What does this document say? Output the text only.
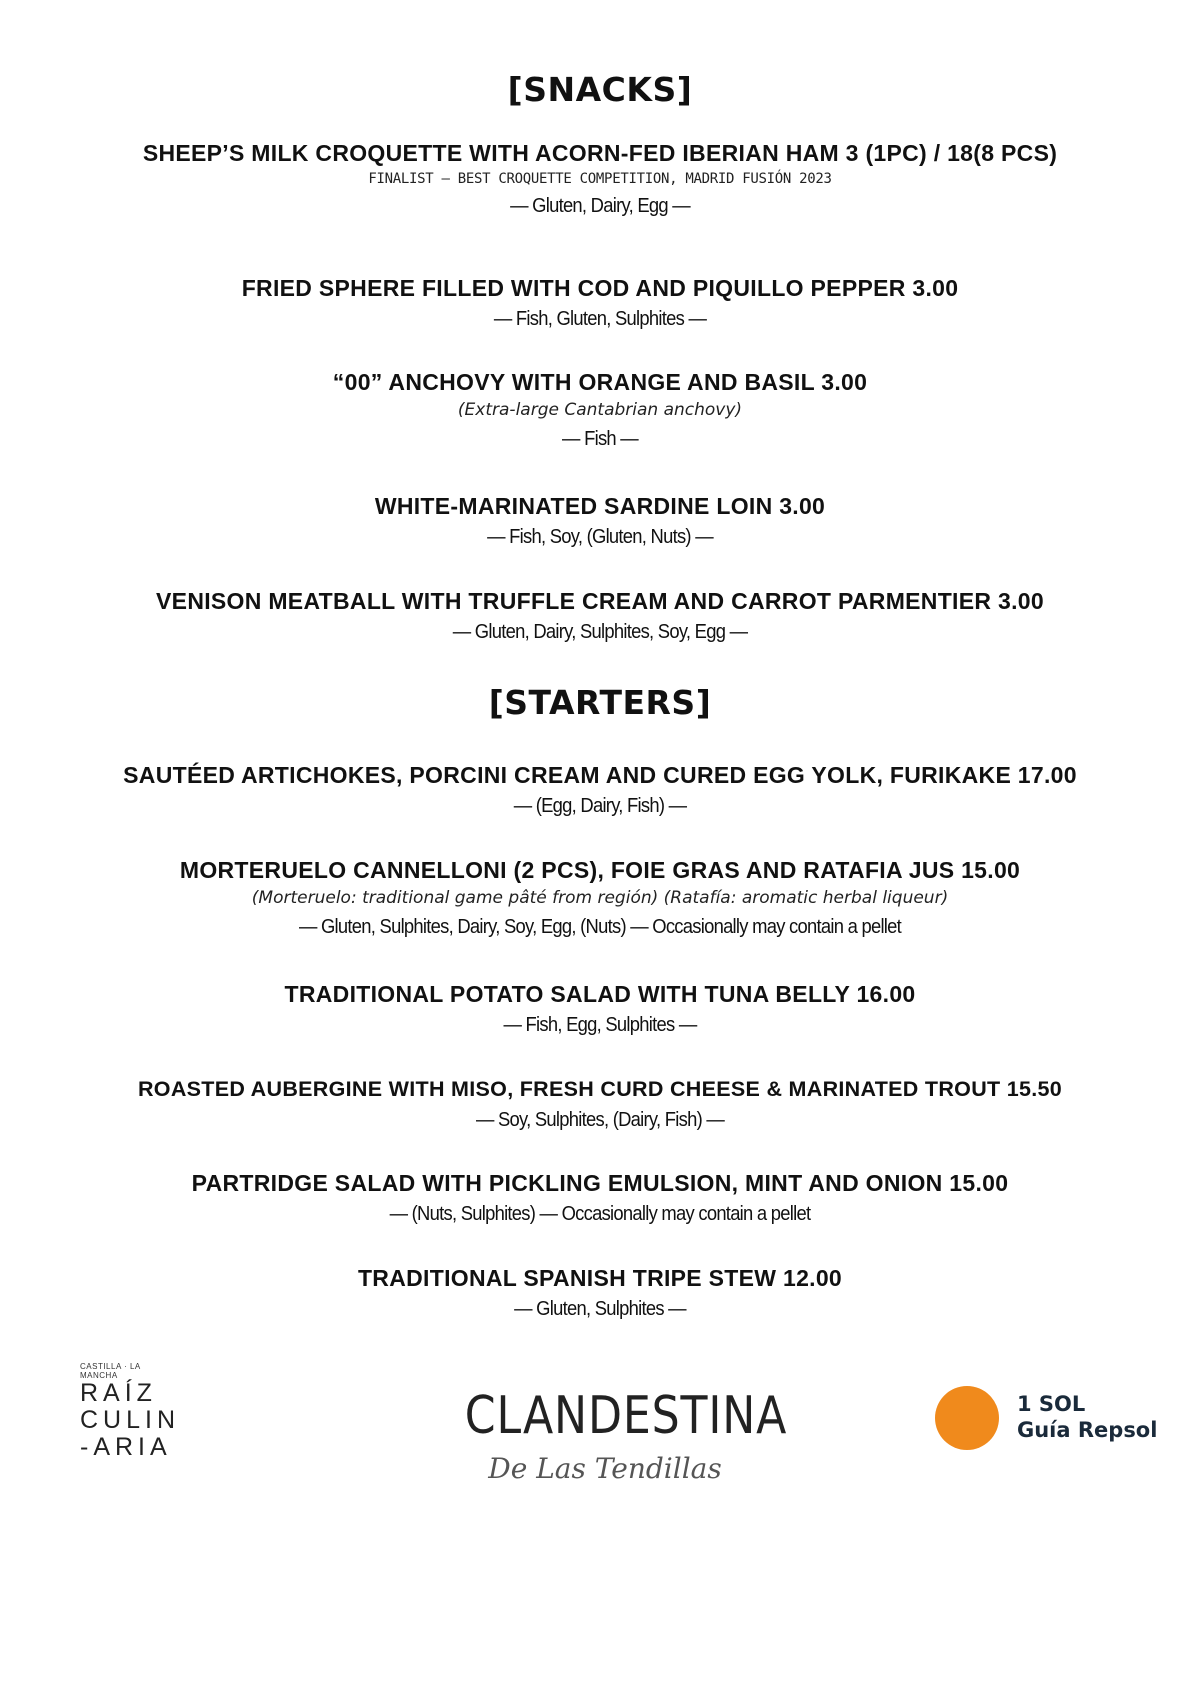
[SNACKS]
SHEEP’S MILK CROQUETTE WITH ACORN-FED IBERIAN HAM 3 (1PC) / 18(8 PCS)
FINALIST – BEST CROQUETTE COMPETITION, MADRID FUSIÓN 2023
— Gluten, Dairy, Egg —
FRIED SPHERE FILLED WITH COD AND PIQUILLO PEPPER 3.00
— Fish, Gluten, Sulphites —
“00” ANCHOVY WITH ORANGE AND BASIL 3.00
(Extra-large Cantabrian anchovy)
— Fish —
WHITE-MARINATED SARDINE LOIN 3.00
— Fish, Soy, (Gluten, Nuts) —
VENISON MEATBALL WITH TRUFFLE CREAM AND CARROT PARMENTIER 3.00
— Gluten, Dairy, Sulphites, Soy, Egg —
[STARTERS]
SAUTÉED ARTICHOKES, PORCINI CREAM AND CURED EGG YOLK, FURIKAKE 17.00
— (Egg, Dairy, Fish) —
MORTERUELO CANNELLONI (2 PCS), FOIE GRAS AND RATAFIA JUS 15.00
(Morteruelo: traditional game pâté from región) (Ratafía: aromatic herbal liqueur)
— Gluten, Sulphites, Dairy, Soy, Egg, (Nuts) — Occasionally may contain a pellet
TRADITIONAL POTATO SALAD WITH TUNA BELLY 16.00
— Fish, Egg, Sulphites —
ROASTED AUBERGINE WITH MISO, FRESH CURD CHEESE & MARINATED TROUT 15.50
— Soy, Sulphites, (Dairy, Fish) —
PARTRIDGE SALAD WITH PICKLING EMULSION, MINT AND ONION 15.00
— (Nuts, Sulphites) — Occasionally may contain a pellet
TRADITIONAL SPANISH TRIPE STEW 12.00
— Gluten, Sulphites —
CASTILLA · LA MANCHA
RAÍZ
CULIN
-ARIA
CLANDESTINA
De Las Tendillas
1 SOL
Guía Repsol
